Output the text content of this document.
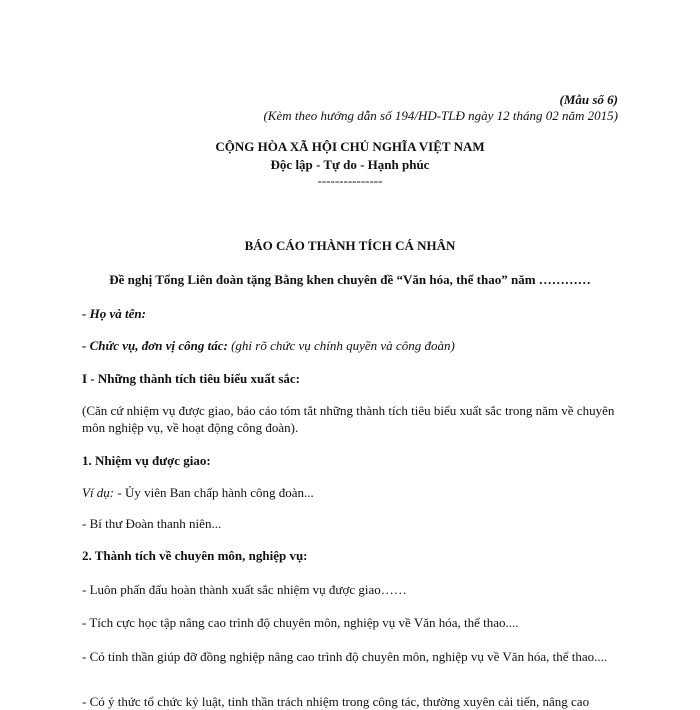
(Mẫu số 6)
(Kèm theo hướng dẫn số 194/HD-TLĐ ngày 12 tháng 02 năm 2015)
CỘNG HÒA XÃ HỘI CHỦ NGHĨA VIỆT NAM
Độc lập - Tự do - Hạnh phúc
---------------
BÁO CÁO THÀNH TÍCH CÁ NHÂN
Đề nghị Tổng Liên đoàn tặng Bằng khen chuyên đề “Văn hóa, thể thao” năm …………
- Họ và tên:
- Chức vụ, đơn vị công tác: (ghi rõ chức vụ chính quyền và công đoàn)
I - Những thành tích tiêu biểu xuất sắc:
(Căn cứ nhiệm vụ được giao, báo cáo tóm tắt những thành tích tiêu biểu xuất sắc trong năm về chuyên môn nghiệp vụ, về hoạt động công đoàn).
1. Nhiệm vụ được giao:
Ví dụ: - Ủy viên Ban chấp hành công đoàn...
- Bí thư Đoàn thanh niên...
2. Thành tích về chuyên môn, nghiệp vụ:
- Luôn phấn đấu hoàn thành xuất sắc nhiệm vụ được giao……
- Tích cực học tập nâng cao trình độ chuyên môn, nghiệp vụ về Văn hóa, thể thao....
- Có tinh thần giúp đỡ đồng nghiệp nâng cao trình độ chuyên môn, nghiệp vụ về Văn hóa, thể thao....
- Có ý thức tổ chức kỷ luật, tinh thần trách nhiệm trong công tác, thường xuyên cải tiến, nâng cao
